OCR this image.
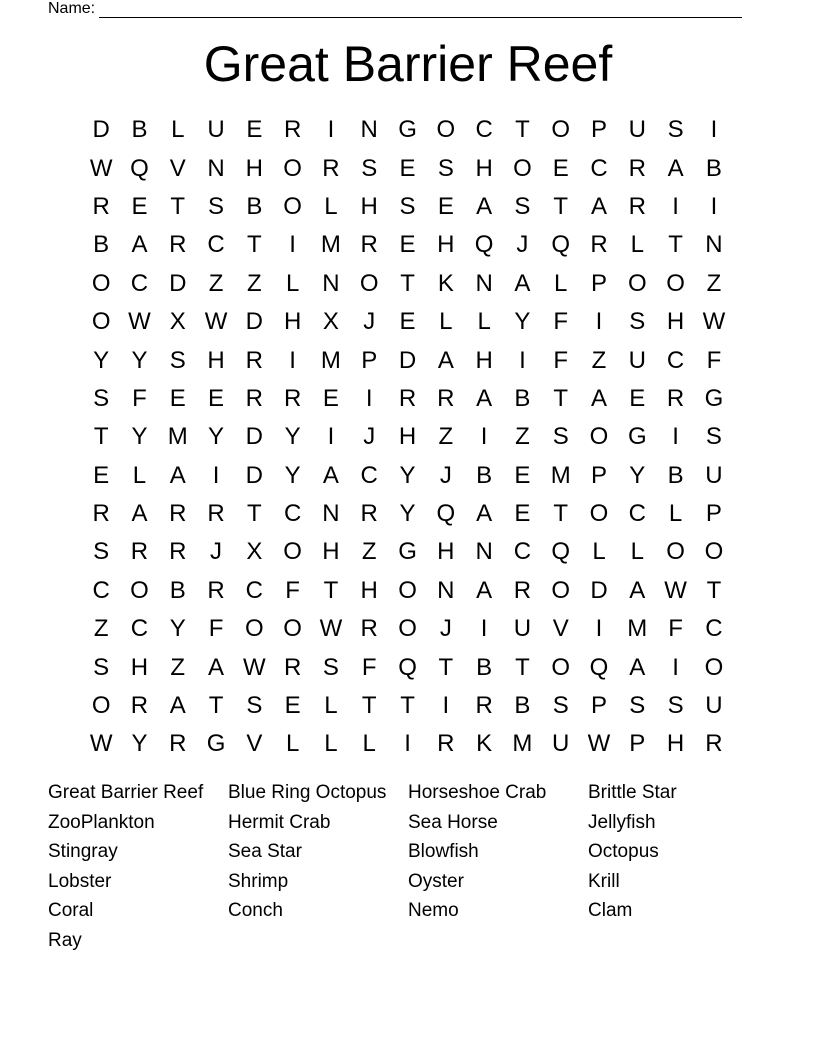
Name:
Great Barrier Reef
D B L U E R	I	N G O C T O P U S	I
W Q V N H O R S E S H O E C R A B
R E T S B O L H S E A S T A R	I	I
B A R C T	I	M R E H Q J Q R L	T N
O C D Z Z	L N O T K N A L P O O Z
O W X W D H X	J	E L	L Y F	I	S H W
Y Y S H R	I	M P D A H	I	F Z U C F
S F E E R R E	I	R R A B T A E R G
T Y M Y D Y	I	J H Z	I	Z S O G	I	S
E L A	I	D Y A C Y	J	B E M P Y B U
R A R R T C N R Y Q A E T O C L P
S R R J	X O H Z G H N C Q L	L O O
C O B R C F T H O N A R O D A W T
Z C Y F O O W R O J	I	U V	I	M F C
S H Z A W R S F Q T B T O Q A	I	O
O R A T S E L	T T	I	R B S P S S U
W Y R G V L	L	L	I	R K M U W P H R
Great Barrier Reef	Blue Ring Octopus	Horseshoe Crab	Brittle Star
ZooPlankton	Hermit Crab	Sea Horse	Jellyfish
Stingray	Sea Star	Blowfish	Octopus
Lobster	Shrimp	Oyster	Krill
Coral	Conch	Nemo	Clam
Ray
